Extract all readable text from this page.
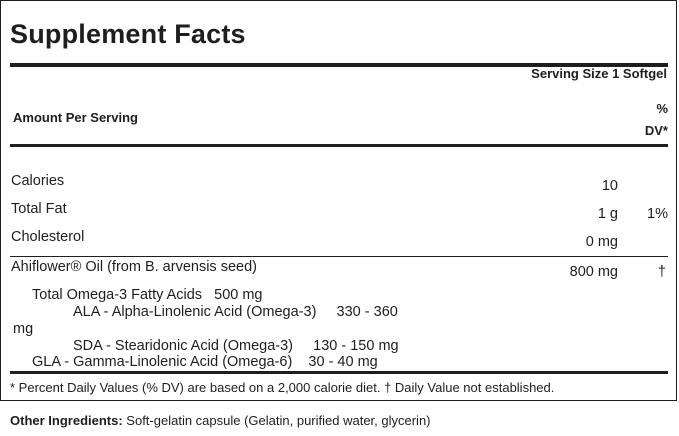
Supplement Facts
Serving Size 1 Softgel
Amount Per Serving
%
DV*
Calories	10
Total Fat	1 g 1%
Cholesterol	0 mg
Ahiflower® Oil (from B. arvensis seed)	800 mg	†
Total Omega-3 Fatty Acids   500 mg
ALA - Alpha-Linolenic Acid (Omega-3)     330 - 360
mg
SDA - Stearidonic Acid (Omega-3)     130 - 150 mg
GLA - Gamma-Linolenic Acid (Omega-6)    30 - 40 mg
* Percent Daily Values (% DV) are based on a 2,000 calorie diet. † Daily Value not established.
Other Ingredients: Soft-gelatin capsule (Gelatin, purified water, glycerin)
